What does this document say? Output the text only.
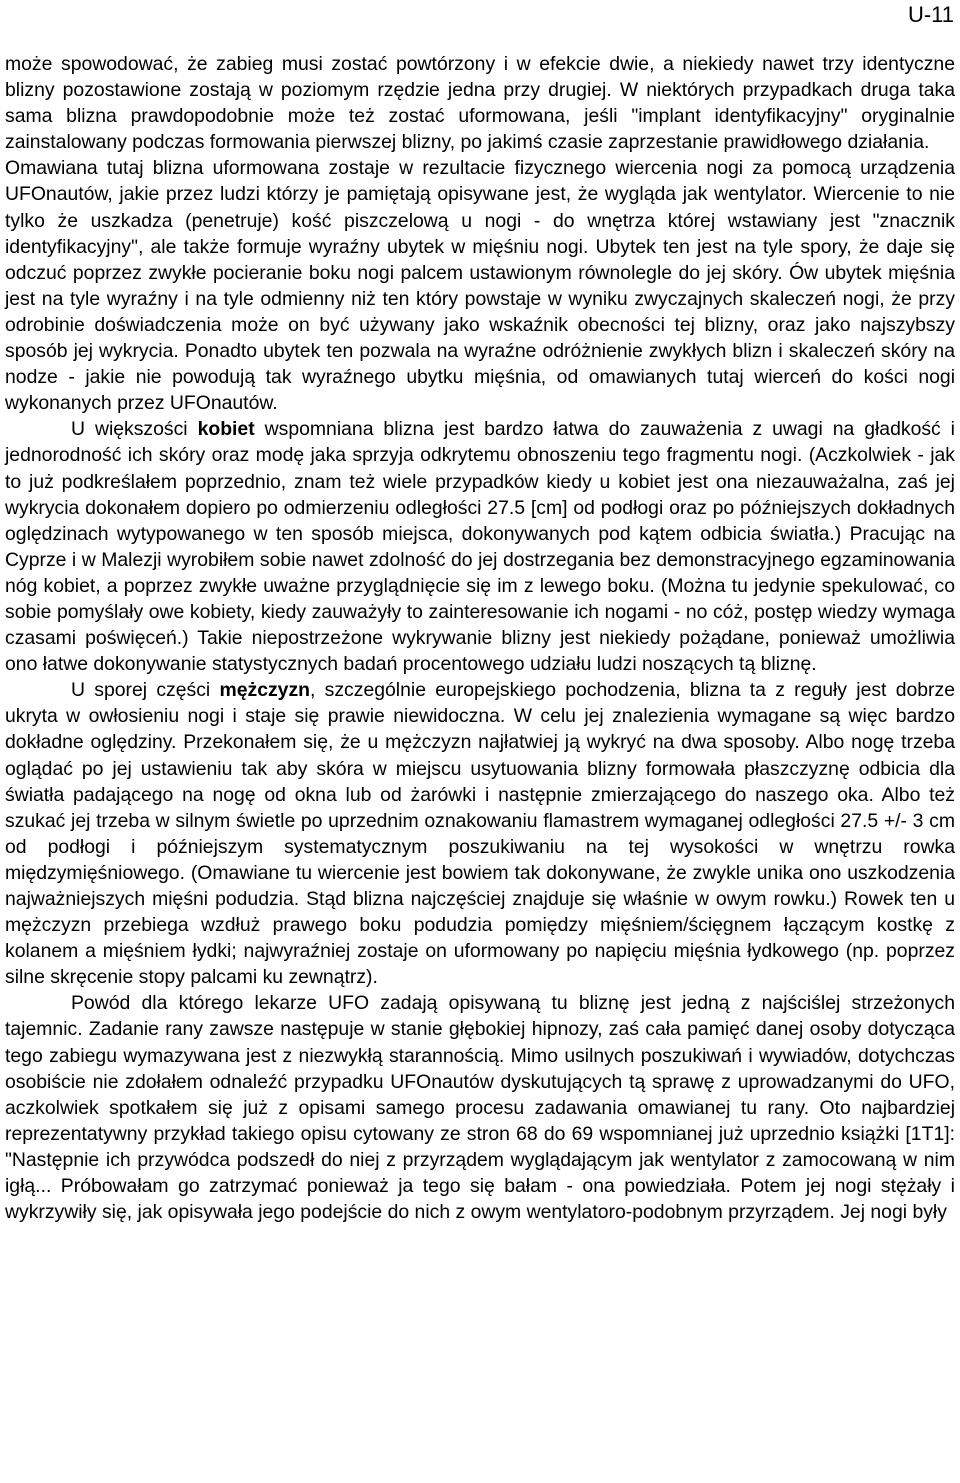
U-11

może spowodować, że zabieg musi zostać powtórzony i w efekcie dwie, a niekiedy nawet trzy identyczne blizny pozostawione zostają w poziomym rzędzie jedna przy drugiej. W niektórych przypadkach druga taka sama blizna prawdopodobnie może też zostać uformowana, jeśli "implant identyfikacyjny" oryginalnie zainstalowany podczas formowania pierwszej blizny, po jakimś czasie zaprzestanie prawidłowego działania.

Omawiana tutaj blizna uformowana zostaje w rezultacie fizycznego wiercenia nogi za pomocą urządzenia UFOnautów, jakie przez ludzi którzy je pamiętają opisywane jest, że wygląda jak wentylator. Wiercenie to nie tylko że uszkadza (penetruje) kość piszczelową u nogi - do wnętrza której wstawiany jest "znacznik identyfikacyjny", ale także formuje wyraźny ubytek w mięśniu nogi. Ubytek ten jest na tyle spory, że daje się odczuć poprzez zwykłe pocieranie boku nogi palcem ustawionym równolegle do jej skóry. Ów ubytek mięśnia jest na tyle wyraźny i na tyle odmienny niż ten który powstaje w wyniku zwyczajnych skaleczeń nogi, że przy odrobinie doświadczenia może on być używany jako wskaźnik obecności tej blizny, oraz jako najszybszy sposób jej wykrycia. Ponadto ubytek ten pozwala na wyraźne odróżnienie zwykłych blizn i skaleczeń skóry na nodze - jakie nie powodują tak wyraźnego ubytku mięśnia, od omawianych tutaj wierceń do kości nogi wykonanych przez UFOnautów.

U większości kobiet wspomniana blizna jest bardzo łatwa do zauważenia z uwagi na gładkość i jednorodność ich skóry oraz modę jaka sprzyja odkrytemu obnoszeniu tego fragmentu nogi. (Aczkolwiek - jak to już podkreślałem poprzednio, znam też wiele przypadków kiedy u kobiet jest ona niezauważalna, zaś jej wykrycia dokonałem dopiero po odmierzeniu odległości 27.5 [cm] od podłogi oraz po późniejszych dokładnych oględzinach wytypowanego w ten sposób miejsca, dokonywanych pod kątem odbicia światła.) Pracując na Cyprze i w Malezji wyrobiłem sobie nawet zdolność do jej dostrzegania bez demonstracyjnego egzaminowania nóg kobiet, a poprzez zwykłe uważne przyglądnięcie się im z lewego boku. (Można tu jedynie spekulować, co sobie pomyślały owe kobiety, kiedy zauważyły to zainteresowanie ich nogami - no cóż, postęp wiedzy wymaga czasami poświęceń.) Takie niepostrzeżone wykrywanie blizny jest niekiedy pożądane, ponieważ umożliwia ono łatwe dokonywanie statystycznych badań procentowego udziału ludzi noszących tą bliznę.

U sporej części mężczyzn, szczególnie europejskiego pochodzenia, blizna ta z reguły jest dobrze ukryta w owłosieniu nogi i staje się prawie niewidoczna. W celu jej znalezienia wymagane są więc bardzo dokładne oględziny. Przekonałem się, że u mężczyzn najłatwiej ją wykryć na dwa sposoby. Albo nogę trzeba oglądać po jej ustawieniu tak aby skóra w miejscu usytuowania blizny formowała płaszczyznę odbicia dla światła padającego na nogę od okna lub od żarówki i następnie zmierzającego do naszego oka. Albo też szukać jej trzeba w silnym świetle po uprzednim oznakowaniu flamastrem wymaganej odległości 27.5 +/- 3 cm od podłogi i późniejszym systematycznym poszukiwaniu na tej wysokości w wnętrzu rowka międzymięśniowego. (Omawiane tu wiercenie jest bowiem tak dokonywane, że zwykle unika ono uszkodzenia najważniejszych mięśni podudzia. Stąd blizna najczęściej znajduje się właśnie w owym rowku.) Rowek ten u mężczyzn przebiega wzdłuż prawego boku podudzia pomiędzy mięśniem/ścięgnem łączącym kostkę z kolanem a mięśniem łydki; najwyraźniej zostaje on uformowany po napięciu mięśnia łydkowego (np. poprzez silne skręcenie stopy palcami ku zewnątrz).

Powód dla którego lekarze UFO zadają opisywaną tu bliznę jest jedną z najściślej strzeżonych tajemnic. Zadanie rany zawsze następuje w stanie głębokiej hipnozy, zaś cała pamięć danej osoby dotycząca tego zabiegu wymazywana jest z niezwykłą starannością. Mimo usilnych poszukiwań i wywiadów, dotychczas osobiście nie zdołałem odnaleźć przypadku UFOnautów dyskutujących tą sprawę z uprowadzanymi do UFO, aczkolwiek spotkałem się już z opisami samego procesu zadawania omawianej tu rany. Oto najbardziej reprezentatywny przykład takiego opisu cytowany ze stron 68 do 69 wspomnianej już uprzednio książki [1T1]: "Następnie ich przywódca podszedł do niej z przyrządem wyglądającym jak wentylator z zamocowaną w nim igłą... Próbowałam go zatrzymać ponieważ ja tego się bałam - ona powiedziała. Potem jej nogi stężały i wykrzywiły się, jak opisywała jego podejście do nich z owym wentylatoro-podobnym przyrządem. Jej nogi były
